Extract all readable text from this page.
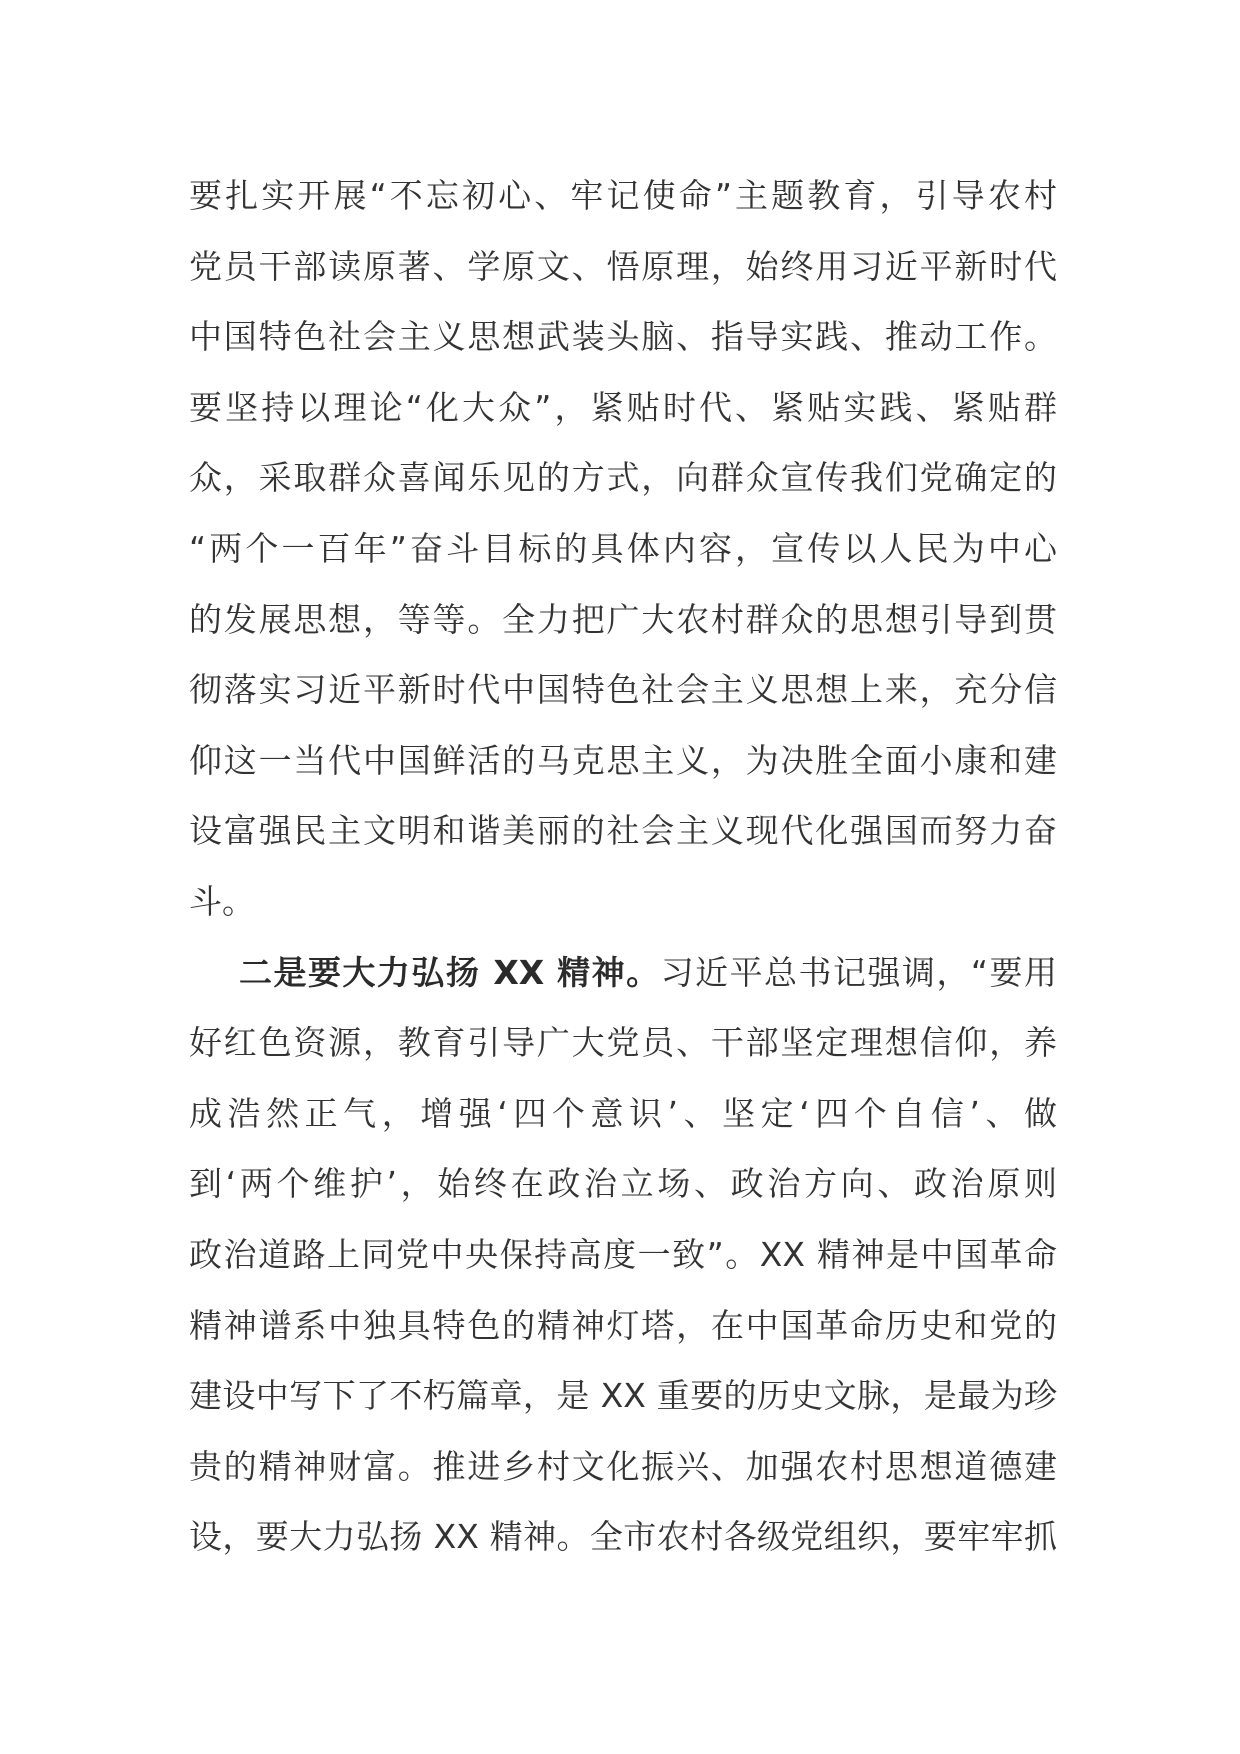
要扎实开展“不忘初心、牢记使命”主题教育，引导农村
党员干部读原著、学原文、悟原理，始终用习近平新时代
中国特色社会主义思想武装头脑、指导实践、推动工作。
要坚持以理论“化大众”，紧贴时代、紧贴实践、紧贴群
众，采取群众喜闻乐见的方式，向群众宣传我们党确定的
“两个一百年”奋斗目标的具体内容，宣传以人民为中心
的发展思想，等等。全力把广大农村群众的思想引导到贯
彻落实习近平新时代中国特色社会主义思想上来，充分信
仰这一当代中国鲜活的马克思主义，为决胜全面小康和建
设富强民主文明和谐美丽的社会主义现代化强国而努力奋
斗。
二是要大力弘扬 XX 精神。习近平总书记强调，“要用
好红色资源，教育引导广大党员、干部坚定理想信仰，养
成浩然正气，增强‘四个意识’、坚定‘四个自信’、做
到‘两个维护’，始终在政治立场、政治方向、政治原则
政治道路上同党中央保持高度一致”。XX 精神是中国革命
精神谱系中独具特色的精神灯塔，在中国革命历史和党的
建设中写下了不朽篇章，是 XX 重要的历史文脉，是最为珍
贵的精神财富。推进乡村文化振兴、加强农村思想道德建
设，要大力弘扬 XX 精神。全市农村各级党组织，要牢牢抓
